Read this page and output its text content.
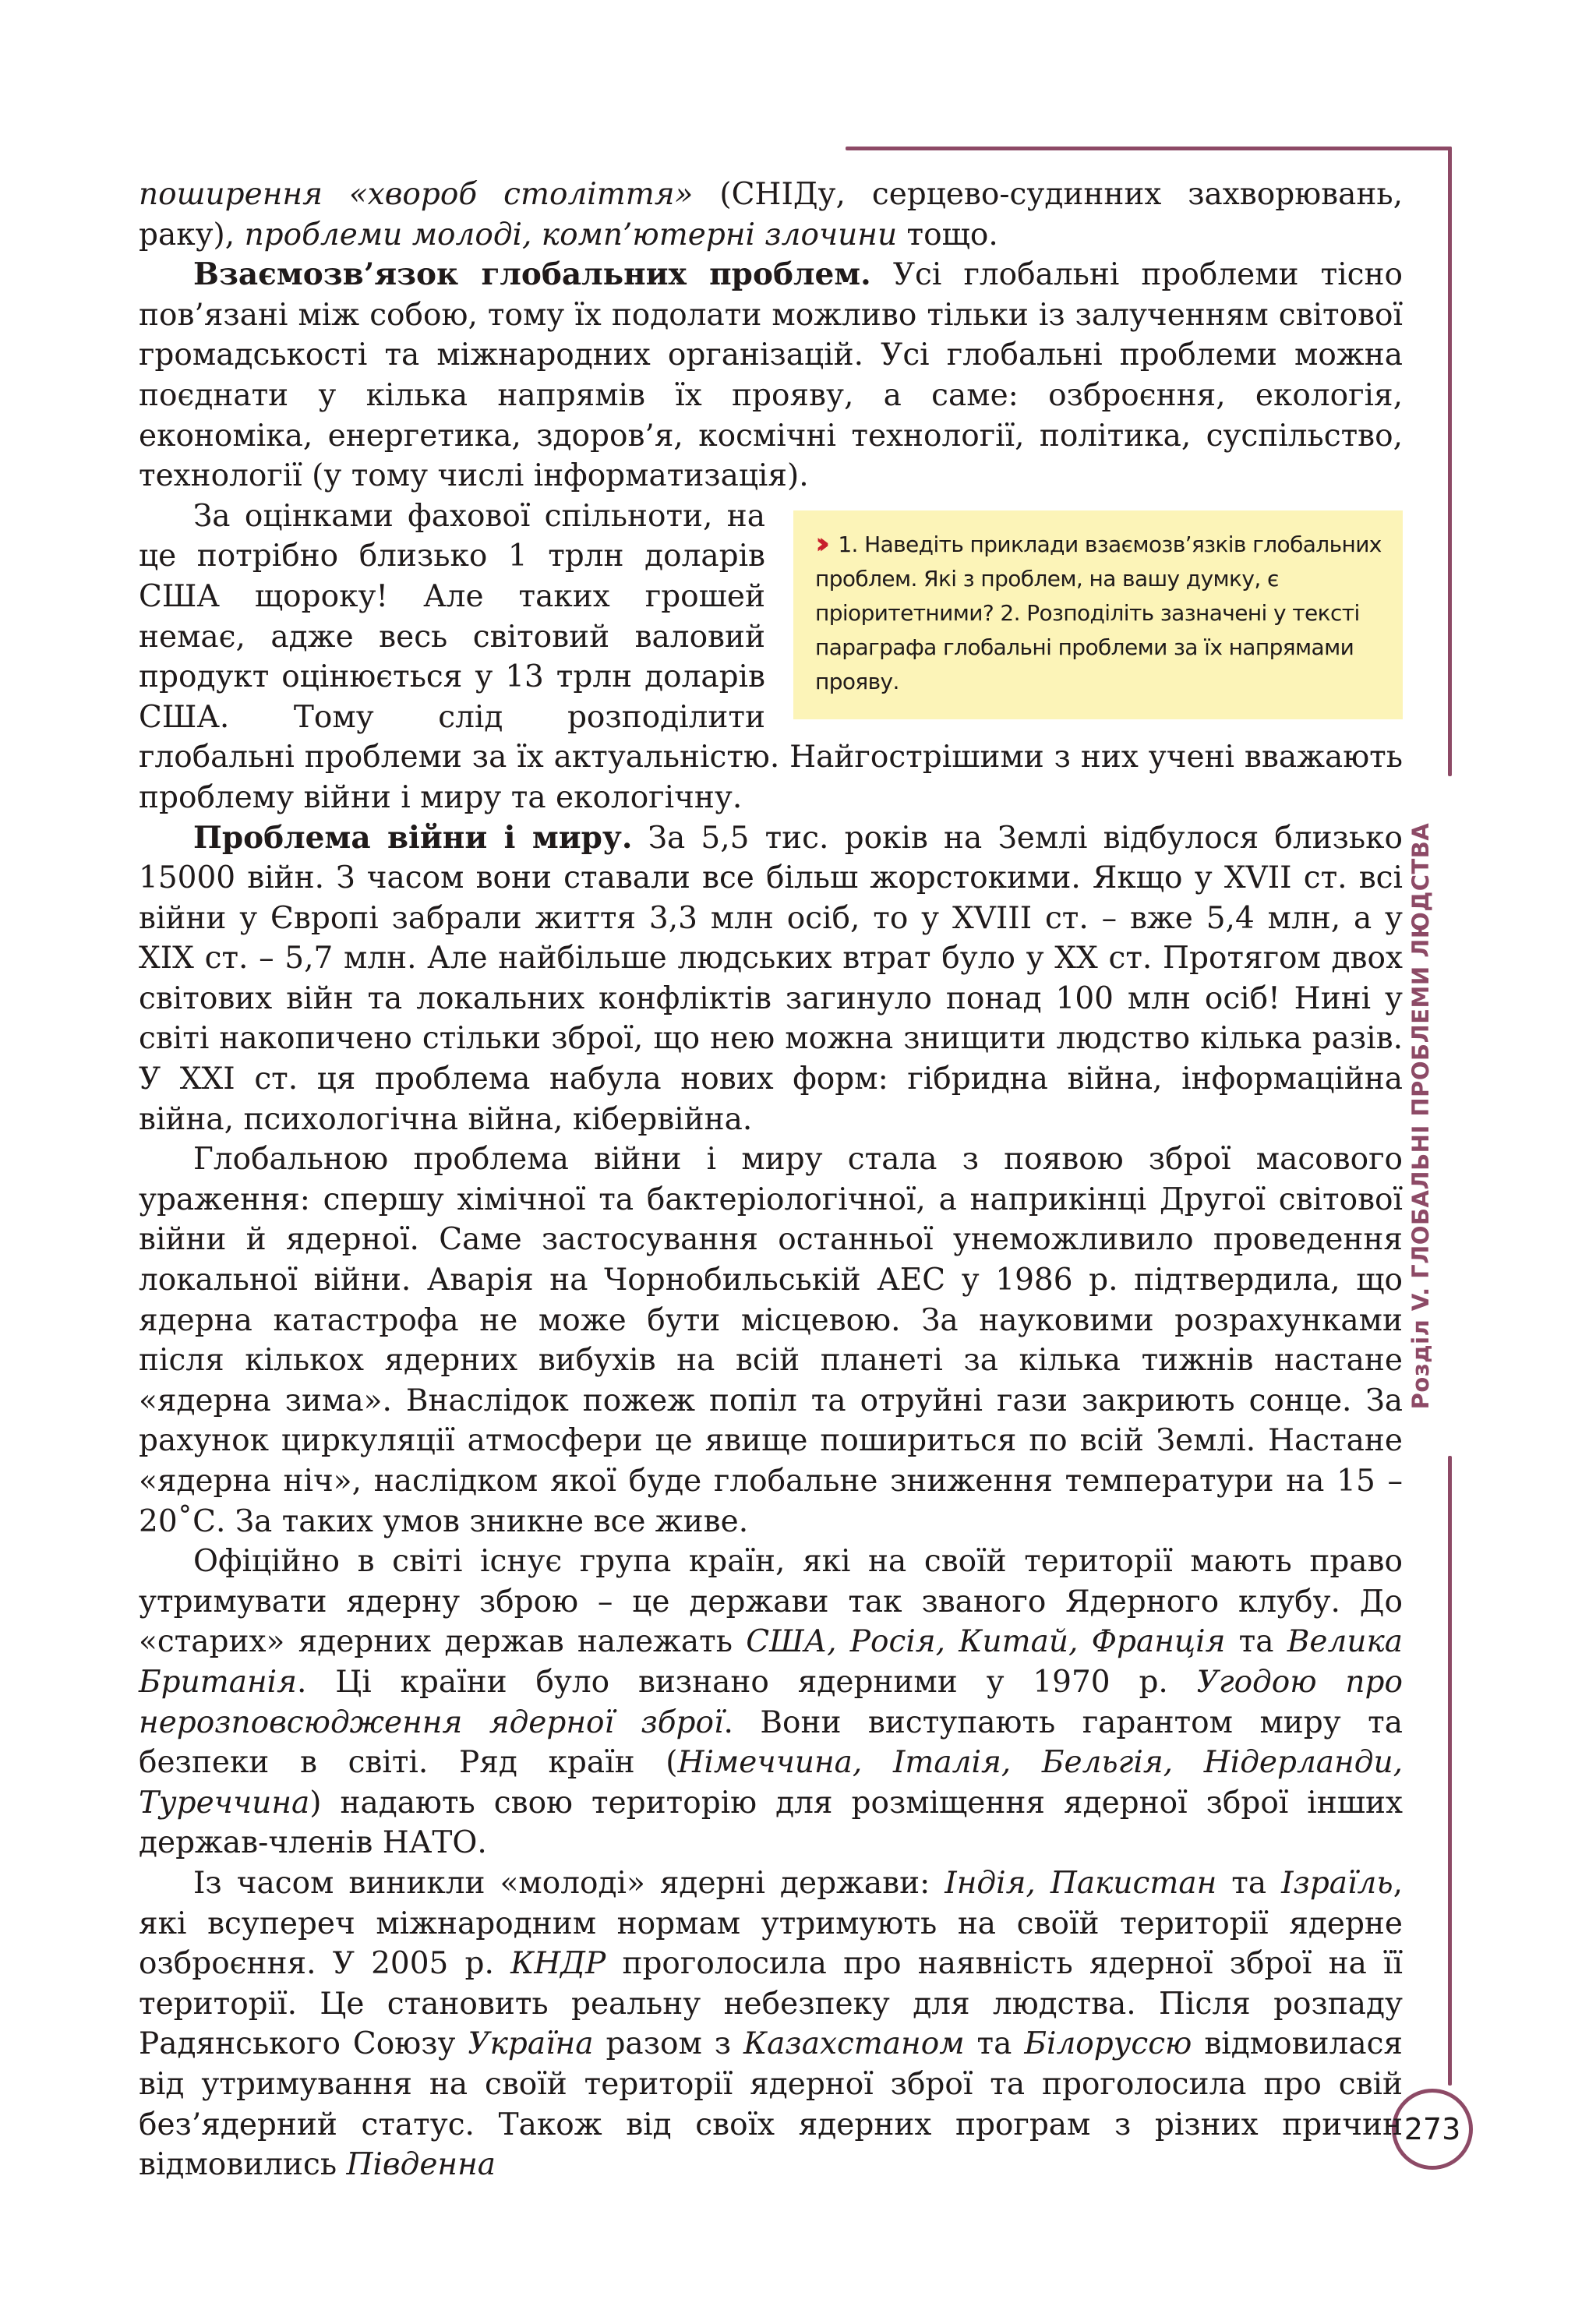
Розділ V. ГЛОБАЛЬНІ ПРОБЛЕМИ ЛЮДСТВА
273

поширення «хвороб століття» (СНІДу, серцево-судинних захворювань, раку), проблеми молоді, комп’ютерні злочини тощо.

Взаємозв’язок глобальних проблем. Усі глобальні проблеми тісно пов’язані між собою, тому їх подолати можливо тільки із залученням світової громадськості та міжнародних організацій. Усі глобальні проблеми можна поєднати у кілька напрямів їх прояву, а саме: озброєння, екологія, економіка, енергетика, здоров’я, космічні технології, політика, суспільство, технології (у тому числі інформатизація).

›› 1. Наведіть приклади взаємозв’язків глобальних проблем. Які з проблем, на вашу думку, є пріоритетними? 2. Розподіліть зазначені у тексті параграфа глобальні проблеми за їх напрямами прояву.

За оцінками фахової спільноти, на це потрібно близько 1 трлн доларів США щороку! Але таких грошей немає, адже весь світовий валовий продукт оцінюється у 13 трлн доларів США. Тому слід розподілити глобальні проблеми за їх актуальністю. Найгострішими з них учені вважають проблему війни і миру та екологічну.

Проблема війни і миру. За 5,5 тис. років на Землі відбулося близько 15000 війн. З часом вони ставали все більш жорстокими. Якщо у XVII ст. всі війни у Європі забрали життя 3,3 млн осіб, то у XVIII ст. – вже 5,4 млн, а у XIX ст. – 5,7 млн. Але найбільше людських втрат було у XX ст. Протягом двох світових війн та локальних конфліктів загинуло понад 100 млн осіб! Нині у світі накопичено стільки зброї, що нею можна знищити людство кілька разів. У XXI ст. ця проблема набула нових форм: гібридна війна, інформаційна війна, психологічна війна, кібервійна.

Глобальною проблема війни і миру стала з появою зброї масового ураження: спершу хімічної та бактеріологічної, а наприкінці Другої світової війни й ядерної. Саме застосування останньої унеможливило проведення локальної війни. Аварія на Чорнобильській АЕС у 1986 р. підтвердила, що ядерна катастрофа не може бути місцевою. За науковими розрахунками після кількох ядерних вибухів на всій планеті за кілька тижнів настане «ядерна зима». Внаслідок пожеж попіл та отруйні гази закриють сонце. За рахунок циркуляції атмосфери це явище пошириться по всій Землі. Настане «ядерна ніч», наслідком якої буде глобальне зниження температури на 15 – 20˚С. За таких умов зникне все живе.

Офіційно в світі існує група країн, які на своїй території мають право утримувати ядерну зброю – це держави так званого Ядерного клубу. До «старих» ядерних держав належать США, Росія, Китай, Франція та Велика Британія. Ці країни було визнано ядерними у 1970 р. Угодою про нерозповсюдження ядерної зброї. Вони виступають гарантом миру та безпеки в світі. Ряд країн (Німеччина, Італія, Бельгія, Нідерланди, Туреччина) надають свою територію для розміщення ядерної зброї інших держав-членів НАТО.

Із часом виникли «молоді» ядерні держави: Індія, Пакистан та Ізраїль, які всупереч міжнародним нормам утримують на своїй території ядерне озброєння. У 2005 р. КНДР проголосила про наявність ядерної зброї на її території. Це становить реальну небезпеку для людства. Після розпаду Радянського Союзу Україна разом з Казахстаном та Білоруссю відмовилася від утримування на своїй території ядерної зброї та проголосила про свій без’ядерний статус. Також від своїх ядерних програм з різних причин відмовились Південна
